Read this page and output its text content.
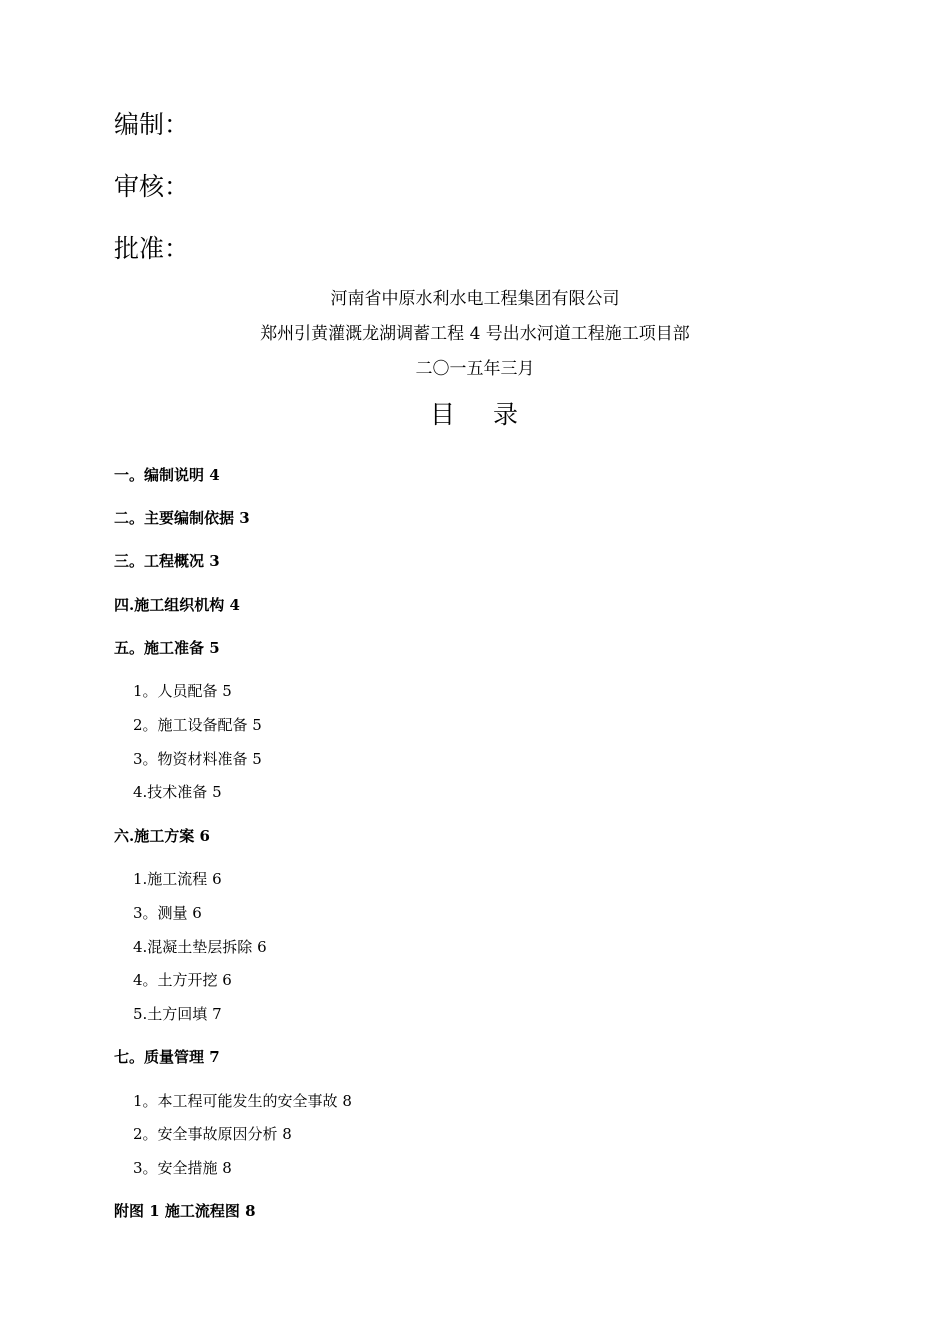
编制：
审核：
批准：
河南省中原水利水电工程集团有限公司
郑州引黄灌溉龙湖调蓄工程 4 号出水河道工程施工项目部
二〇一五年三月
目 录
一。编制说明 4
二。主要编制依据 3
三。工程概况 3
四.施工组织机构 4
五。施工准备 5
1。人员配备 5
2。施工设备配备 5
3。物资材料准备 5
4.技术准备 5
六.施工方案 6
1.施工流程 6
3。测量 6
4.混凝土垫层拆除 6
4。土方开挖 6
5.土方回填 7
七。质量管理 7
1。本工程可能发生的安全事故 8
2。安全事故原因分析 8
3。安全措施 8
附图 1 施工流程图 8
